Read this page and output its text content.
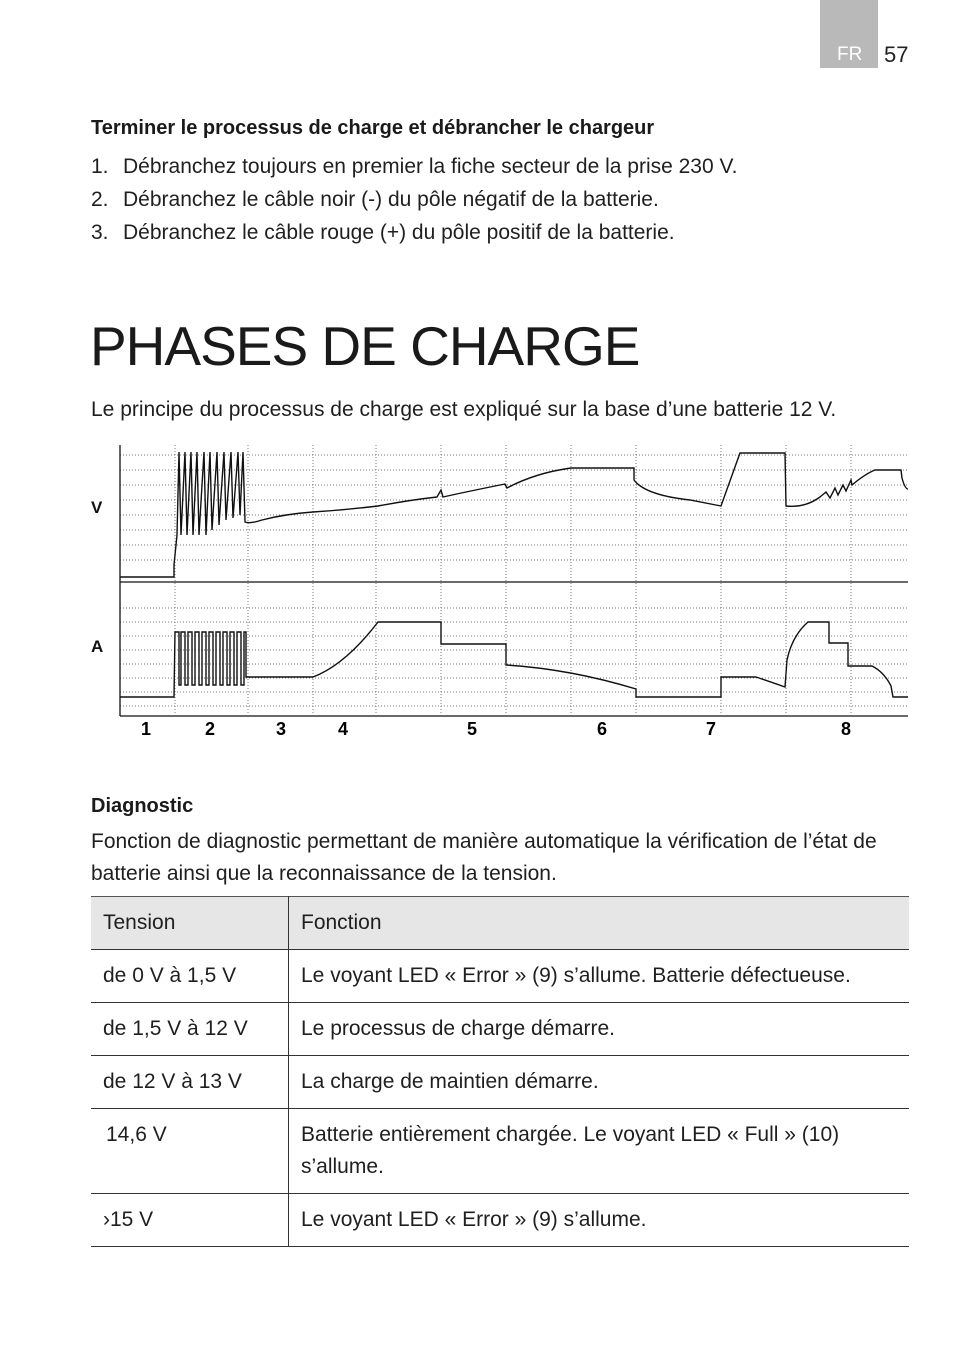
FR 57
Terminer le processus de charge et débrancher le chargeur
1. Débranchez toujours en premier la fiche secteur de la prise 230 V.
2. Débranchez le câble noir (-) du pôle négatif de la batterie.
3. Débranchez le câble rouge (+) du pôle positif de la batterie.
PHASES DE CHARGE
Le principe du processus de charge est expliqué sur la base d’une batterie 12 V.
V
A
1	2	3	4	5	6	7	8
Diagnostic
Fonction de diagnostic permettant de manière automatique la vérification de l’état de batterie ainsi que la reconnaissance de la tension.
Tension	Fonction
de 0 V à 1,5 V	Le voyant LED « Error » (9) s’allume. Batterie défectueuse.
de 1,5 V à 12 V	Le processus de charge démarre.
de 12 V à 13 V	La charge de maintien démarre.
14,6 V	Batterie entièrement chargée. Le voyant LED « Full » (10) s’allume.
›15 V	Le voyant LED « Error » (9) s’allume.
